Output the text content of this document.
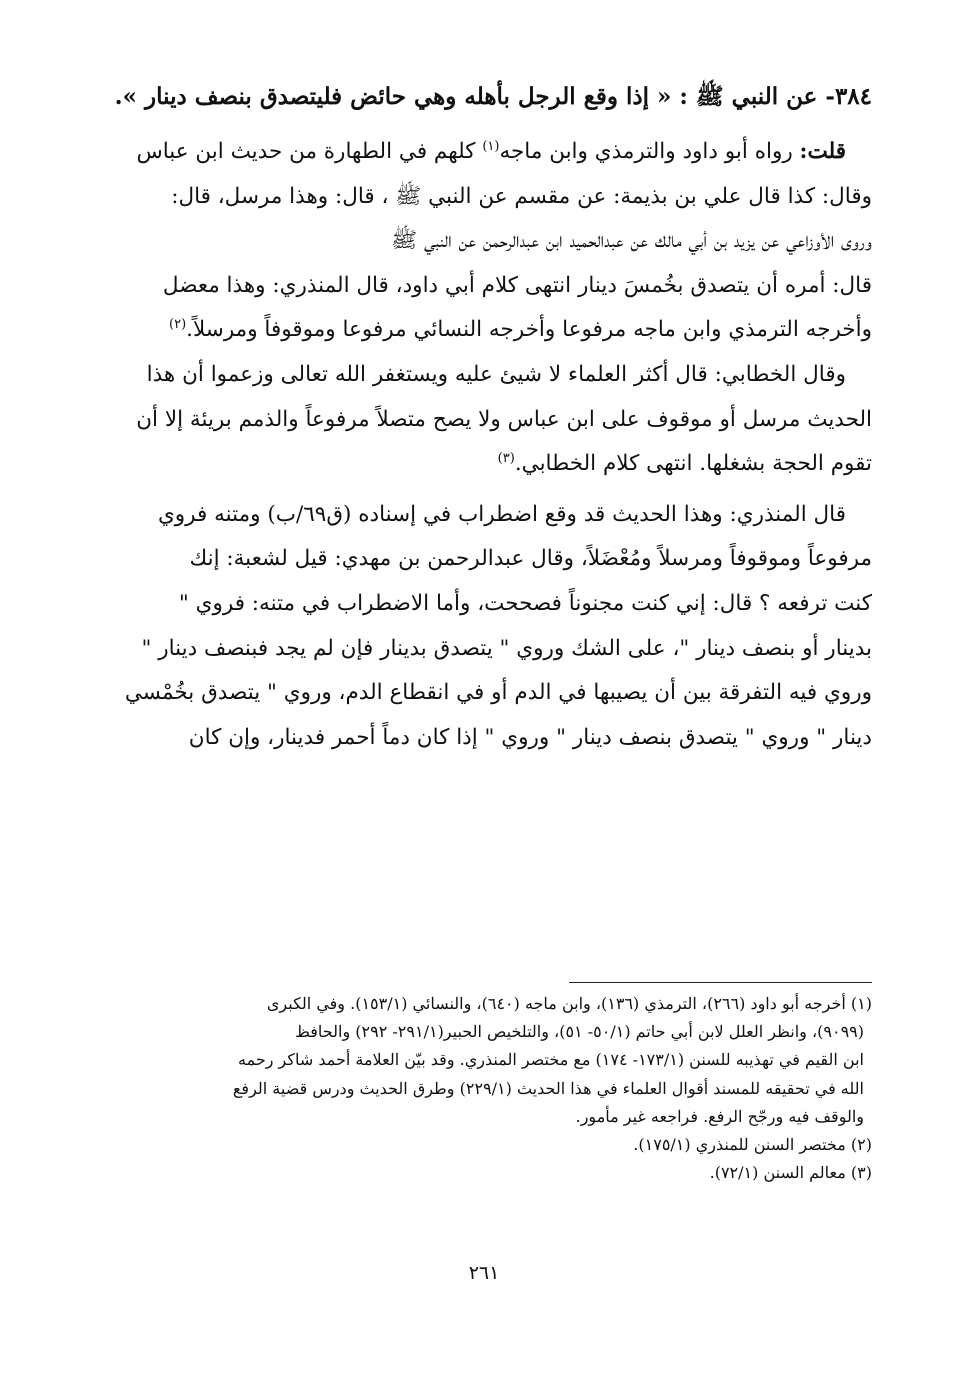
٣٨٤- عن النبي ﷺ : « إذا وقع الرجل بأهله وهي حائض فليتصدق بنصف دينار ».
قلت: رواه أبو داود والترمذي وابن ماجه$^{(١)}$ كلهم في الطهارة من حديث ابن عباس
وقال: كذا قال علي بن بذيمة: عن مقسم عن النبي ﷺ ، قال: وهذا مرسل، قال:
وروى الأوزاعي عن يزيد بن أبي مالك عن عبدالحميد ابن عبدالرحمن عن النبي ﷺ
قال: أمره أن يتصدق بخُمسَ دينار انتهى كلام أبي داود، قال المنذري: وهذا معضل
وأخرجه الترمذي وابن ماجه مرفوعا وأخرجه النسائي مرفوعا وموقوفاً ومرسلاً.$^{(٢)}$
وقال الخطابي: قال أكثر العلماء لا شيئ عليه ويستغفر الله تعالى وزعموا أن هذا
الحديث مرسل أو موقوف على ابن عباس ولا يصح متصلاً مرفوعاً والذمم بريئة إلا أن
تقوم الحجة بشغلها. انتهى كلام الخطابي.$^{(٣)}$
قال المنذري: وهذا الحديث قد وقع اضطراب في إسناده (ق٦٩/ب) ومتنه فروي
مرفوعاً وموقوفاً ومرسلاً ومُعْضَلاً، وقال عبدالرحمن بن مهدي: قيل لشعبة: إنك
كنت ترفعه ؟ قال: إني كنت مجنوناً فصححت، وأما الاضطراب في متنه: فروي "
بدينار أو بنصف دينار "، على الشك وروي " يتصدق بدينار فإن لم يجد فبنصف دينار "
وروي فيه التفرقة بين أن يصيبها في الدم أو في انقطاع الدم، وروي " يتصدق بخُمْسي
دينار " وروي " يتصدق بنصف دينار " وروي " إذا كان دماً أحمر فدينار، وإن كان
(١) أخرجه أبو داود (٢٦٦)، الترمذي (١٣٦)، وابن ماجه (٦٤٠)، والنسائي (١٥٣/١). وفي الكبرى
(٩٠٩٩)، وانظر العلل لابن أبي حاتم (٥٠/١- ٥١)، والتلخيص الحبير(٢٩١/١- ٢٩٢) والحافظ
ابن القيم في تهذيبه للسنن (١٧٣/١- ١٧٤) مع مختصر المنذري. وقد بيّن العلامة أحمد شاكر رحمه
الله في تحقيقه للمسند أقوال العلماء في هذا الحديث (٢٢٩/١) وطرق الحديث ودرس قضية الرفع
والوقف فيه ورجّح الرفع. فراجعه غير مأمور.
(٢) مختصر السنن للمنذري (١٧٥/١).
(٣) معالم السنن (٧٢/١).
٢٦١
